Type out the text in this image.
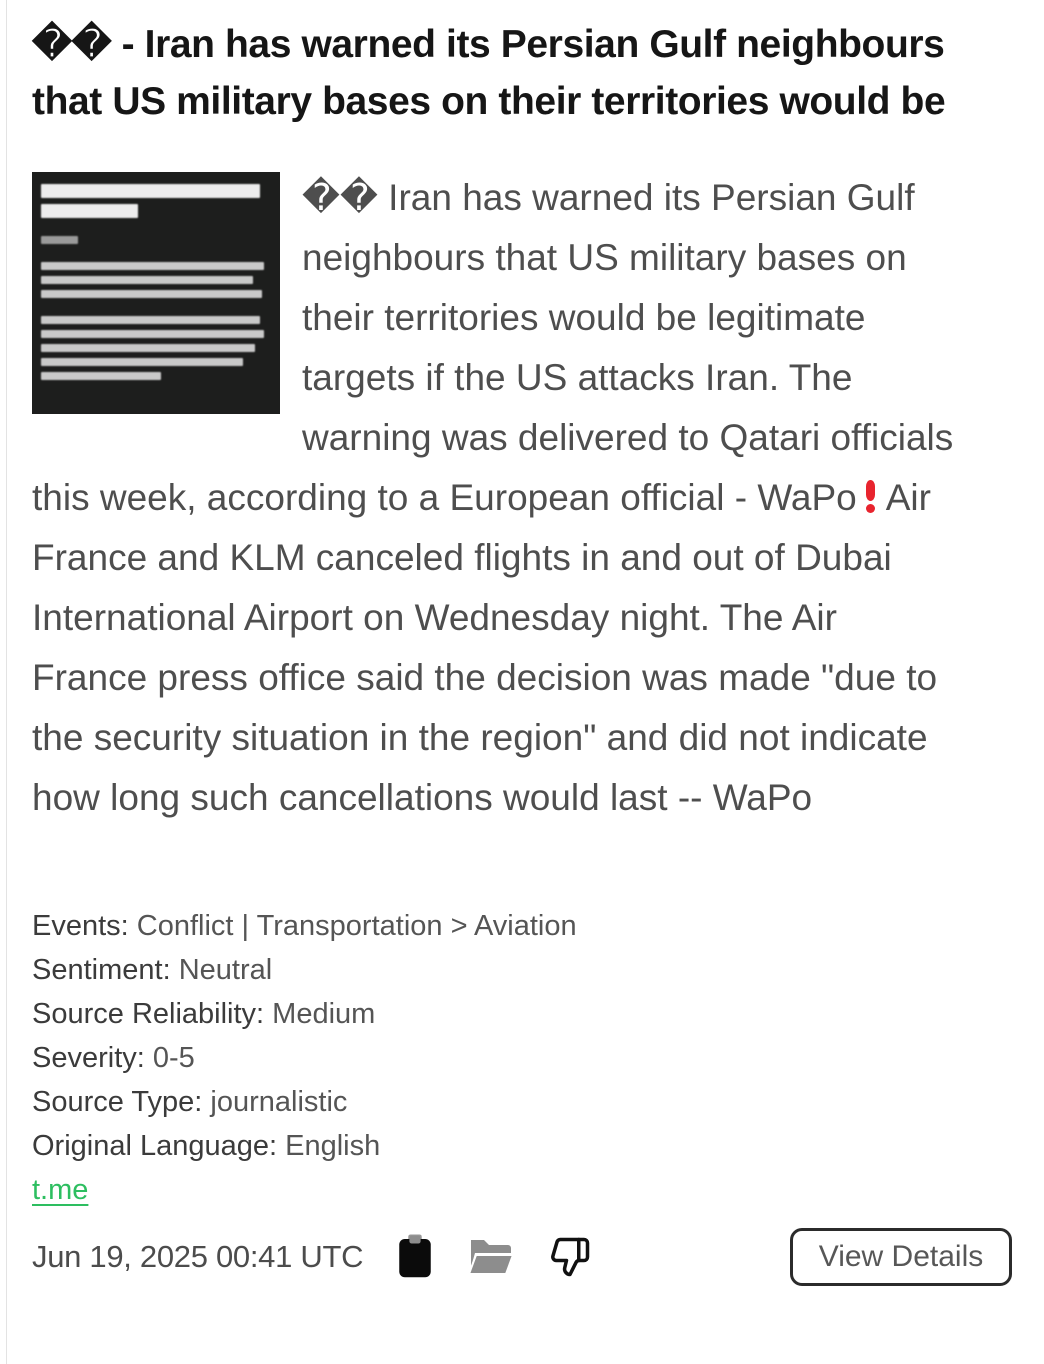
�� - Iran has warned its Persian Gulf neighbours that US military bases on their territories would be
�� Iran has warned its Persian Gulf neighbours that US military bases on their territories would be legitimate targets if the US attacks Iran. The warning was delivered to Qatari officials this week, according to a European official - WaPo Air France and KLM canceled flights in and out of Dubai International Airport on Wednesday night. The Air France press office said the decision was made "due to the security situation in the region" and did not indicate how long such cancellations would last -- WaPo
Events: Conflict | Transportation > Aviation
Sentiment: Neutral
Source Reliability: Medium
Severity: 0-5
Source Type: journalistic
Original Language: English
t.me
Jun 19, 2025 00:41 UTC	View Details
